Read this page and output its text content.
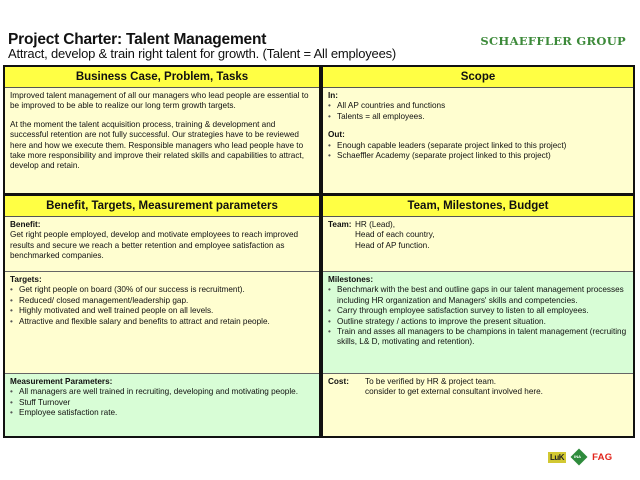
Project Charter: Talent Management
Attract, develop & train right talent for growth. (Talent = All employees)
SCHAEFFLER GROUP
Business Case, Problem, Tasks

Improved talent management of all our managers who lead people are essential to be improved to be able to realize our long term growth targets.

At the moment the talent acquisition process, training & development and successful retention are not fully successful. Our strategies have to be reviewed here and how we execute them. Responsible managers who lead people have to take more responsibility and improve their related skills and capabilities to attract, develop and retain.

Benefit, Targets, Measurement parameters
Benefit:

Get right people employed, develop and motivate employees to reach improved results and secure we reach a better retention and employee satisfaction as benchmarked companies.

Targets:
• Get right people on board (30% of our success is recruitment).
• Reduced/ closed management/leadership gap.
• Highly motivated and well trained people on all levels.
• Attractive and flexible salary and benefits to attract and retain people.
Measurement Parameters:
• All managers are well trained in recruiting, developing and motivating people.
• Stuff Turnover
• Employee satisfaction rate.
Scope
In:
• All AP countries and functions
• Talents = all employees.
Out:
• Enough capable leaders (separate project linked to this project)
• Schaeffler Academy (separate project linked to this project)
Team, Milestones, Budget
Team: HR (Lead),
Head of each country,
Head of AP function.
Milestones:
• Benchmark with the best and outline gaps in our talent management processes including HR organization and Managers' skills and competencies.
• Carry through employee satisfaction survey to listen to all employees.
• Outline strategy / actions to improve the present situation.
• Train and asses all managers to be champions in talent management (recruiting skills, L& D, motivating and retention).
Cost:	To be verified by HR & project team.
consider to get external consultant involved here.
LuK	INA FAG
